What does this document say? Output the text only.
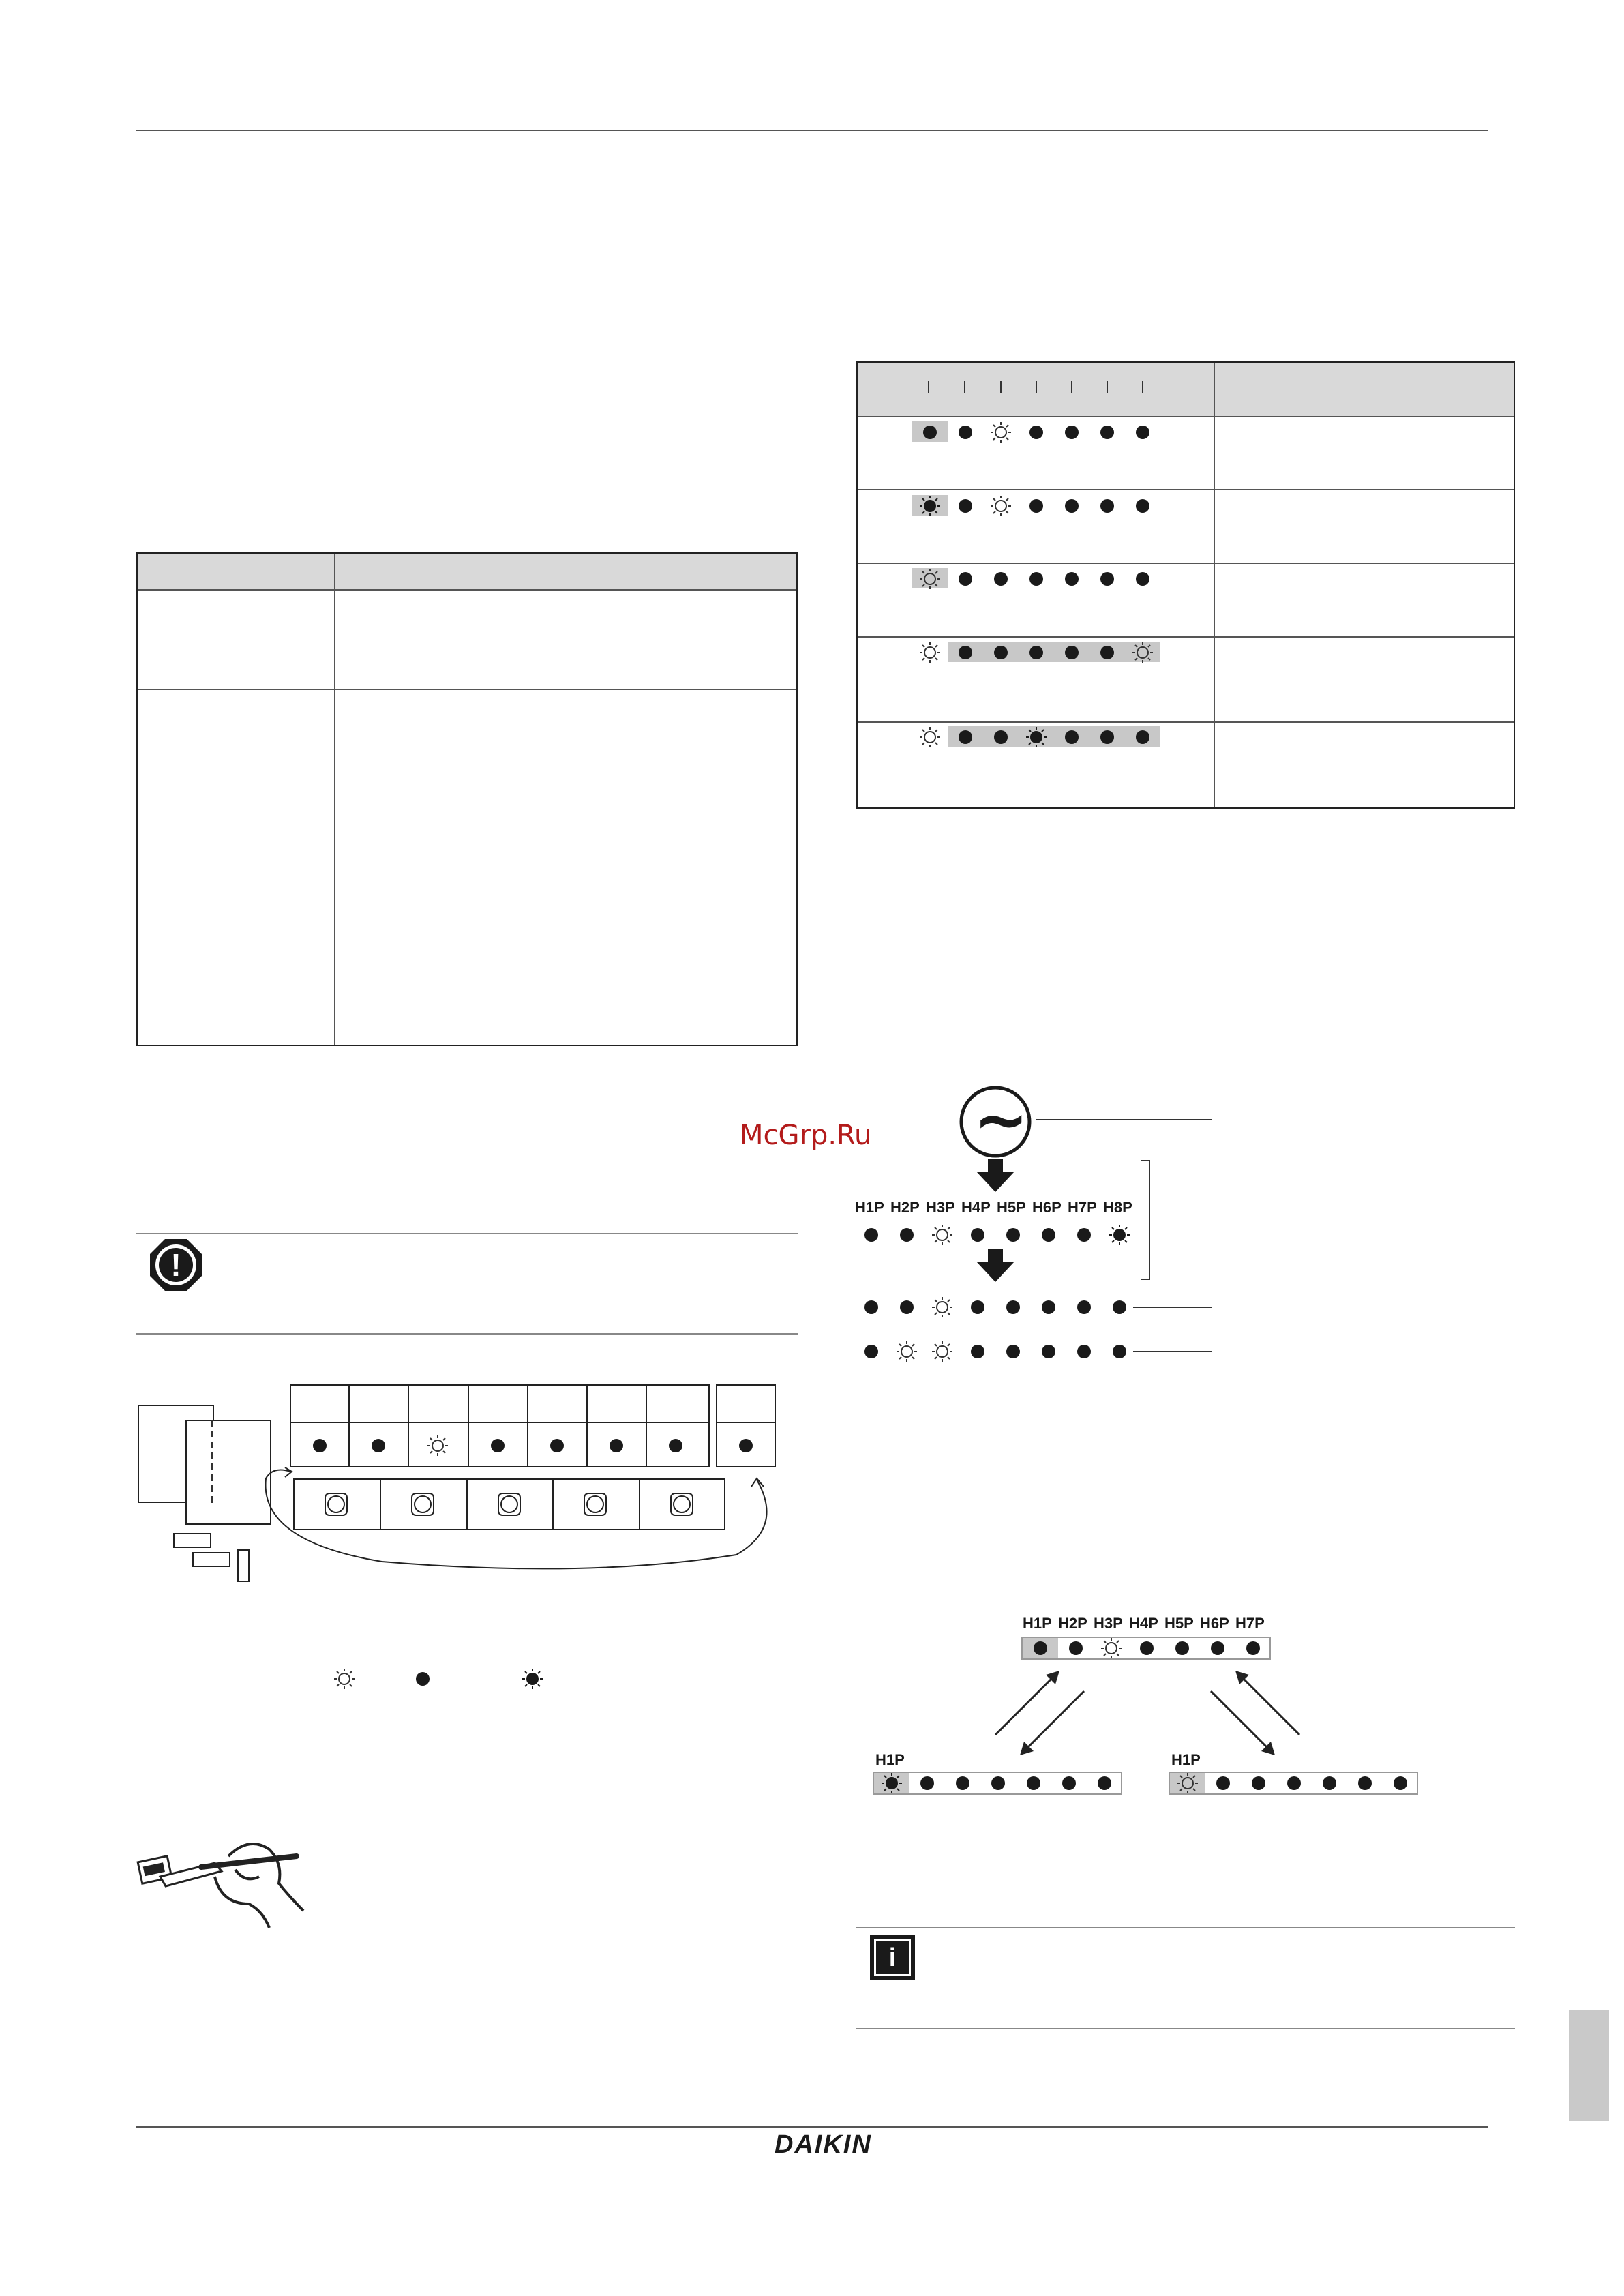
McGrp.Ru ~
H1P H2P H3P H4P H5P H6P H7P H8P
!
H1P H2P H3P H4P H5P H6P H7P
H1P	H1P
i
DAIKIN
